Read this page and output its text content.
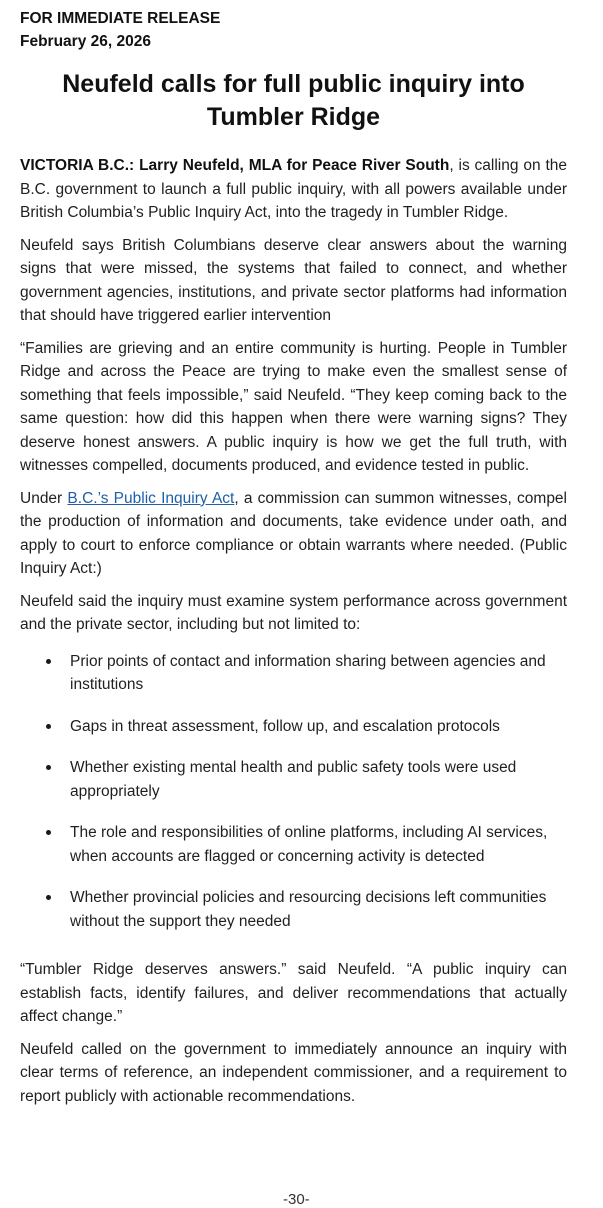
FOR IMMEDIATE RELEASE

February 26, 2026

Neufeld calls for full public inquiry into Tumbler Ridge

VICTORIA B.C.: Larry Neufeld, MLA for Peace River South, is calling on the B.C. government to launch a full public inquiry, with all powers available under British Columbia’s Public Inquiry Act, into the tragedy in Tumbler Ridge.

Neufeld says British Columbians deserve clear answers about the warning signs that were missed, the systems that failed to connect, and whether government agencies, institutions, and private sector platforms had information that should have triggered earlier intervention

“Families are grieving and an entire community is hurting. People in Tumbler Ridge and across the Peace are trying to make even the smallest sense of something that feels impossible,” said Neufeld. “They keep coming back to the same question: how did this happen when there were warning signs? They deserve honest answers. A public inquiry is how we get the full truth, with witnesses compelled, documents produced, and evidence tested in public.

Under B.C.’s Public Inquiry Act, a commission can summon witnesses, compel the production of information and documents, take evidence under oath, and apply to court to enforce compliance or obtain warrants where needed. (Public Inquiry Act:)

Neufeld said the inquiry must examine system performance across government and the private sector, including but not limited to:

Prior points of contact and information sharing between agencies and institutions
Gaps in threat assessment, follow up, and escalation protocols
Whether existing mental health and public safety tools were used appropriately
The role and responsibilities of online platforms, including AI services, when accounts are flagged or concerning activity is detected
Whether provincial policies and resourcing decisions left communities without the support they needed

“Tumbler Ridge deserves answers.” said Neufeld. “A public inquiry can establish facts, identify failures, and deliver recommendations that actually affect change.”

Neufeld called on the government to immediately announce an inquiry with clear terms of reference, an independent commissioner, and a requirement to report publicly with actionable recommendations.

-30-
